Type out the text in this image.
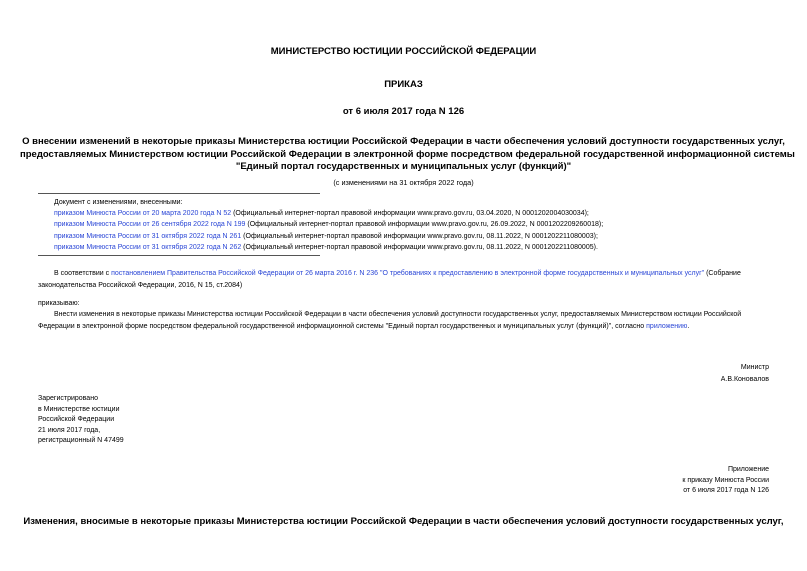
МИНИСТЕРСТВО ЮСТИЦИИ РОССИЙСКОЙ ФЕДЕРАЦИИ
ПРИКАЗ
от 6 июля 2017 года N 126
О внесении изменений в некоторые приказы Министерства юстиции Российской Федерации в части обеспечения условий доступности государственных услуг,
предоставляемых Министерством юстиции Российской Федерации в электронной форме посредством федеральной государственной информационной системы
"Единый портал государственных и муниципальных услуг (функций)"
(с изменениями на 31 октября 2022 года)
Документ с изменениями, внесенными:
приказом Минюста России от 20 марта 2020 года N 52 (Официальный интернет-портал правовой информации www.pravo.gov.ru, 03.04.2020, N 0001202004030034);
приказом Минюста России от 26 сентября 2022 года N 199 (Официальный интернет-портал правовой информации www.pravo.gov.ru, 26.09.2022, N 0001202209260018);
приказом Минюста России от 31 октября 2022 года N 261 (Официальный интернет-портал правовой информации www.pravo.gov.ru, 08.11.2022, N 0001202211080003);
приказом Минюста России от 31 октября 2022 года N 262 (Официальный интернет-портал правовой информации www.pravo.gov.ru, 08.11.2022, N 0001202211080005).
В соответствии с постановлением Правительства Российской Федерации от 26 марта 2016 г. N 236 "О требованиях к предоставлению в электронной форме государственных и муниципальных услуг" (Собрание
законодательства Российской Федерации, 2016, N 15, ст.2084)
приказываю:
Внести изменения в некоторые приказы Министерства юстиции Российской Федерации в части обеспечения условий доступности государственных услуг, предоставляемых Министерством юстиции Российской
Федерации в электронной форме посредством федеральной государственной информационной системы "Единый портал государственных и муниципальных услуг (функций)", согласно приложению.
Министр
А.В.Коновалов
Зарегистрировано
в Министерстве юстиции
Российской Федерации
21 июля 2017 года,
регистрационный N 47499
Приложение
к приказу Минюста России
от 6 июля 2017 года N 126
Изменения, вносимые в некоторые приказы Министерства юстиции Российской Федерации в части обеспечения условий доступности государственных услуг,
